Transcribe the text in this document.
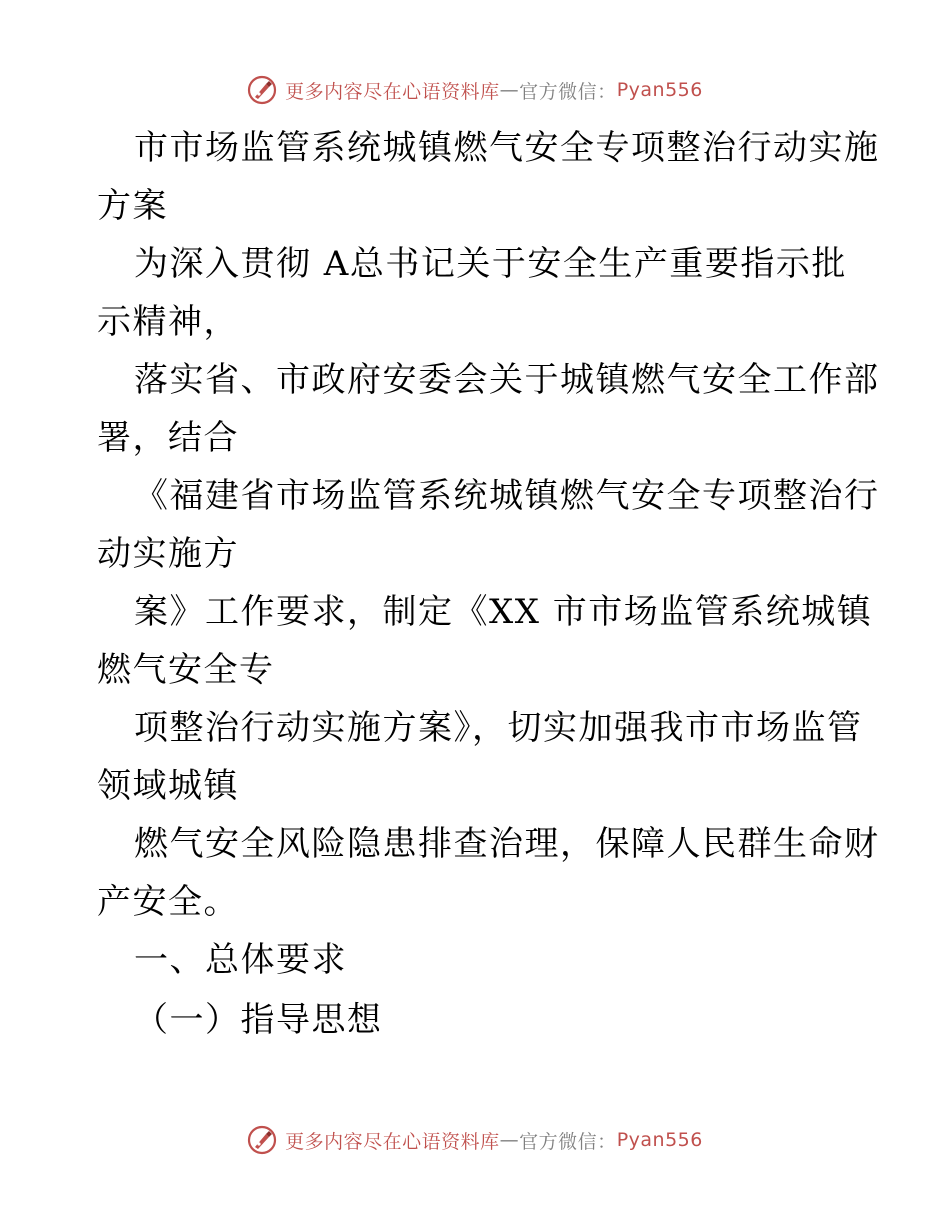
更多内容尽在心语资料库 — 官方微信： Pyan556
市市场监管系统城镇燃气安全专项整治行动实施
方案
为深入贯彻 A总书记关于安全生产重要指示批
示精神，
落实省、市政府安委会关于城镇燃气安全工作部
署，结合
《福建省市场监管系统城镇燃气安全专项整治行
动实施方
案》工作要求，制定《XX 市市场监管系统城镇
燃气安全专
项整治行动实施方案》，切实加强我市市场监管
领域城镇
燃气安全风险隐患排查治理，保障人民群生命财
产安全。
一、总体要求
（一）指导思想
更多内容尽在心语资料库 — 官方微信： Pyan556
